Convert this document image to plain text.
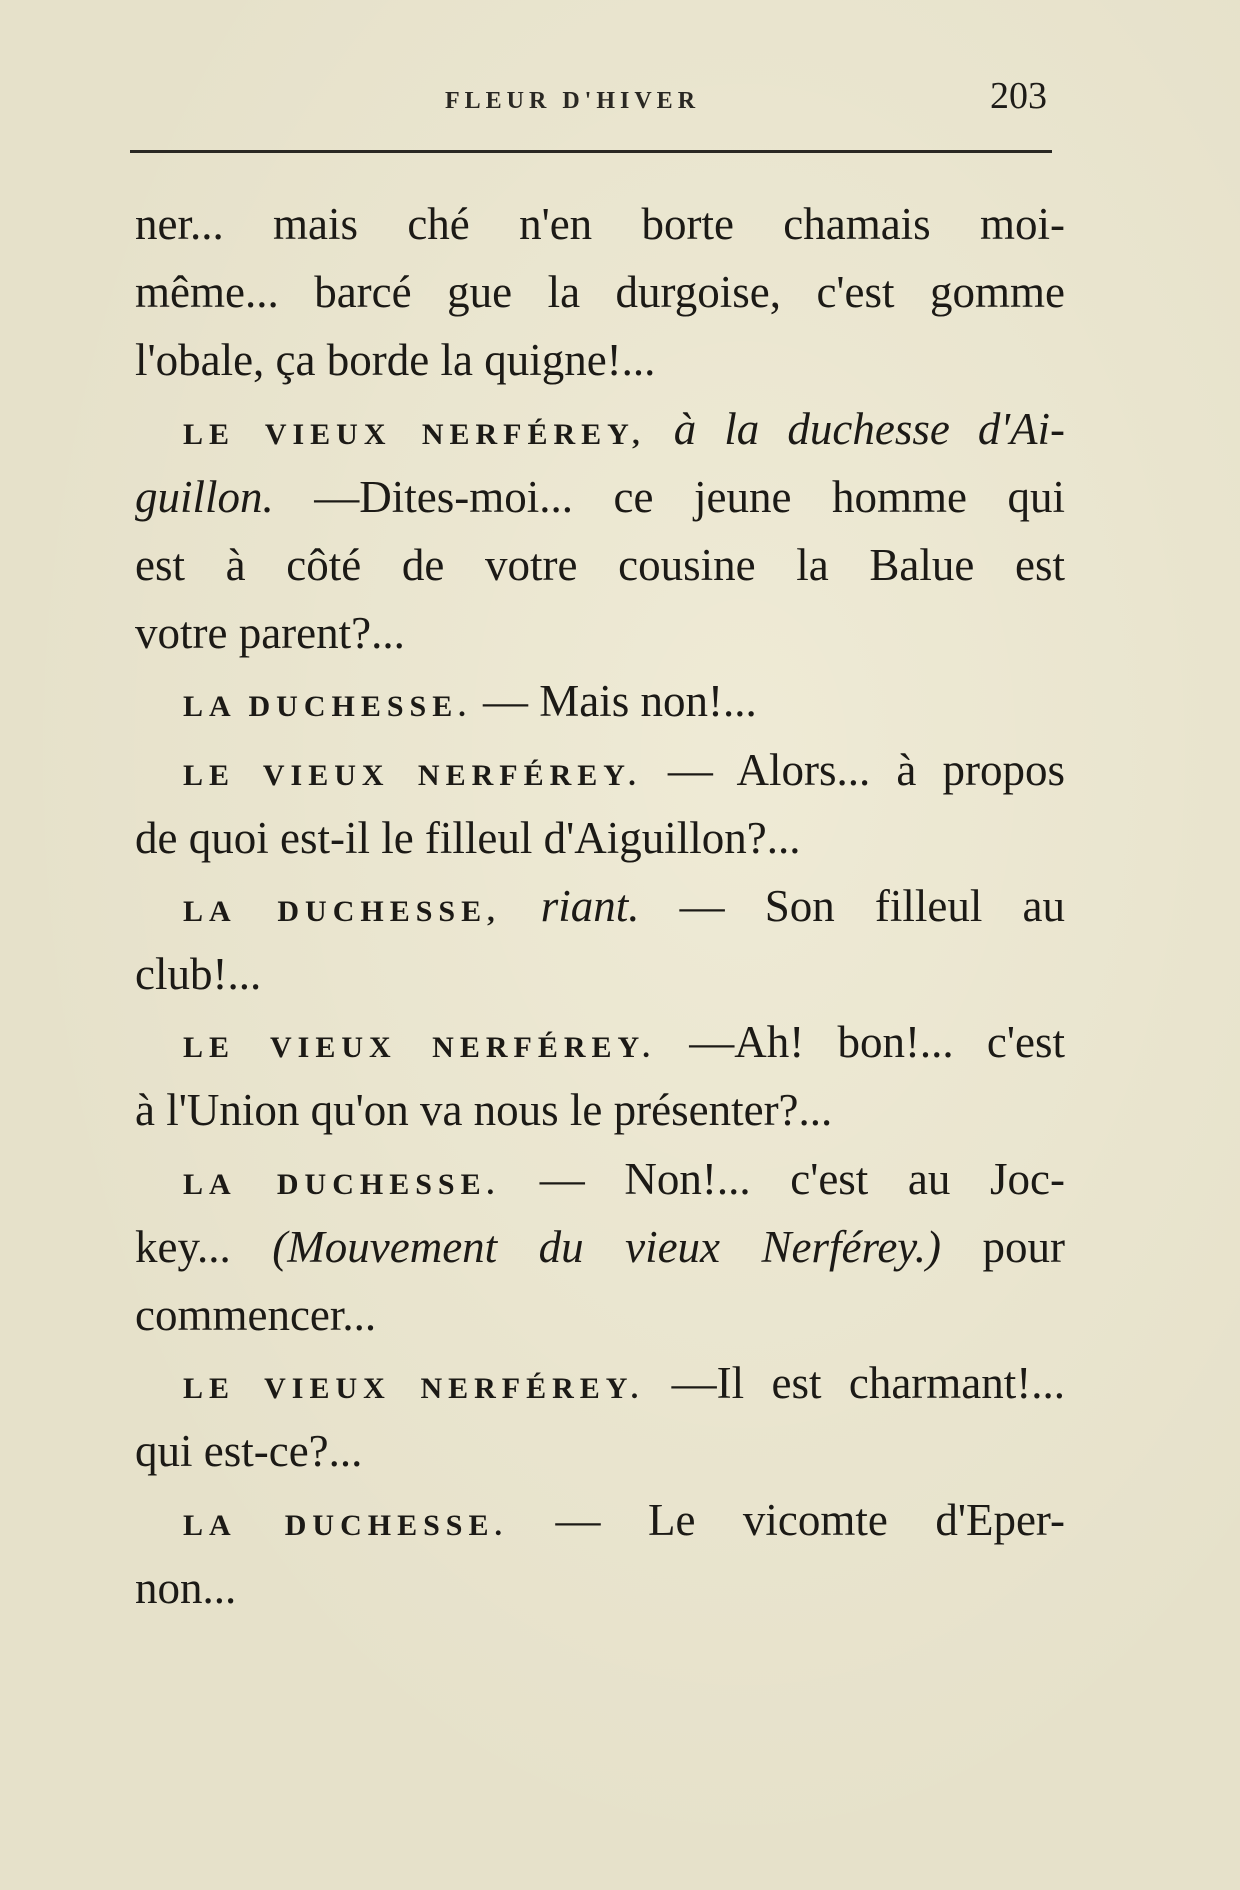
FLEUR D'HIVER	203
ner... mais ché n'en borte chamais moi-
même... barcé gue la durgoise, c'est gomme
l'obale, ça borde la quigne!...
LE VIEUX NERFÉREY, à la duchesse d'Ai-
guillon. —Dites-moi... ce jeune homme qui
est à côté de votre cousine la Balue est
votre parent?...
LA DUCHESSE. — Mais non!...
LE VIEUX NERFÉREY. — Alors... à propos
de quoi est-il le filleul d'Aiguillon?...
LA DUCHESSE, riant. — Son filleul au
club!...
LE VIEUX NERFÉREY. —Ah! bon!... c'est
à l'Union qu'on va nous le présenter?...
LA DUCHESSE. — Non!... c'est au Joc-
key... (Mouvement du vieux Nerférey.) pour
commencer...
LE VIEUX NERFÉREY. —Il est charmant!...
qui est-ce?...
LA DUCHESSE. — Le vicomte d'Eper-
non...
